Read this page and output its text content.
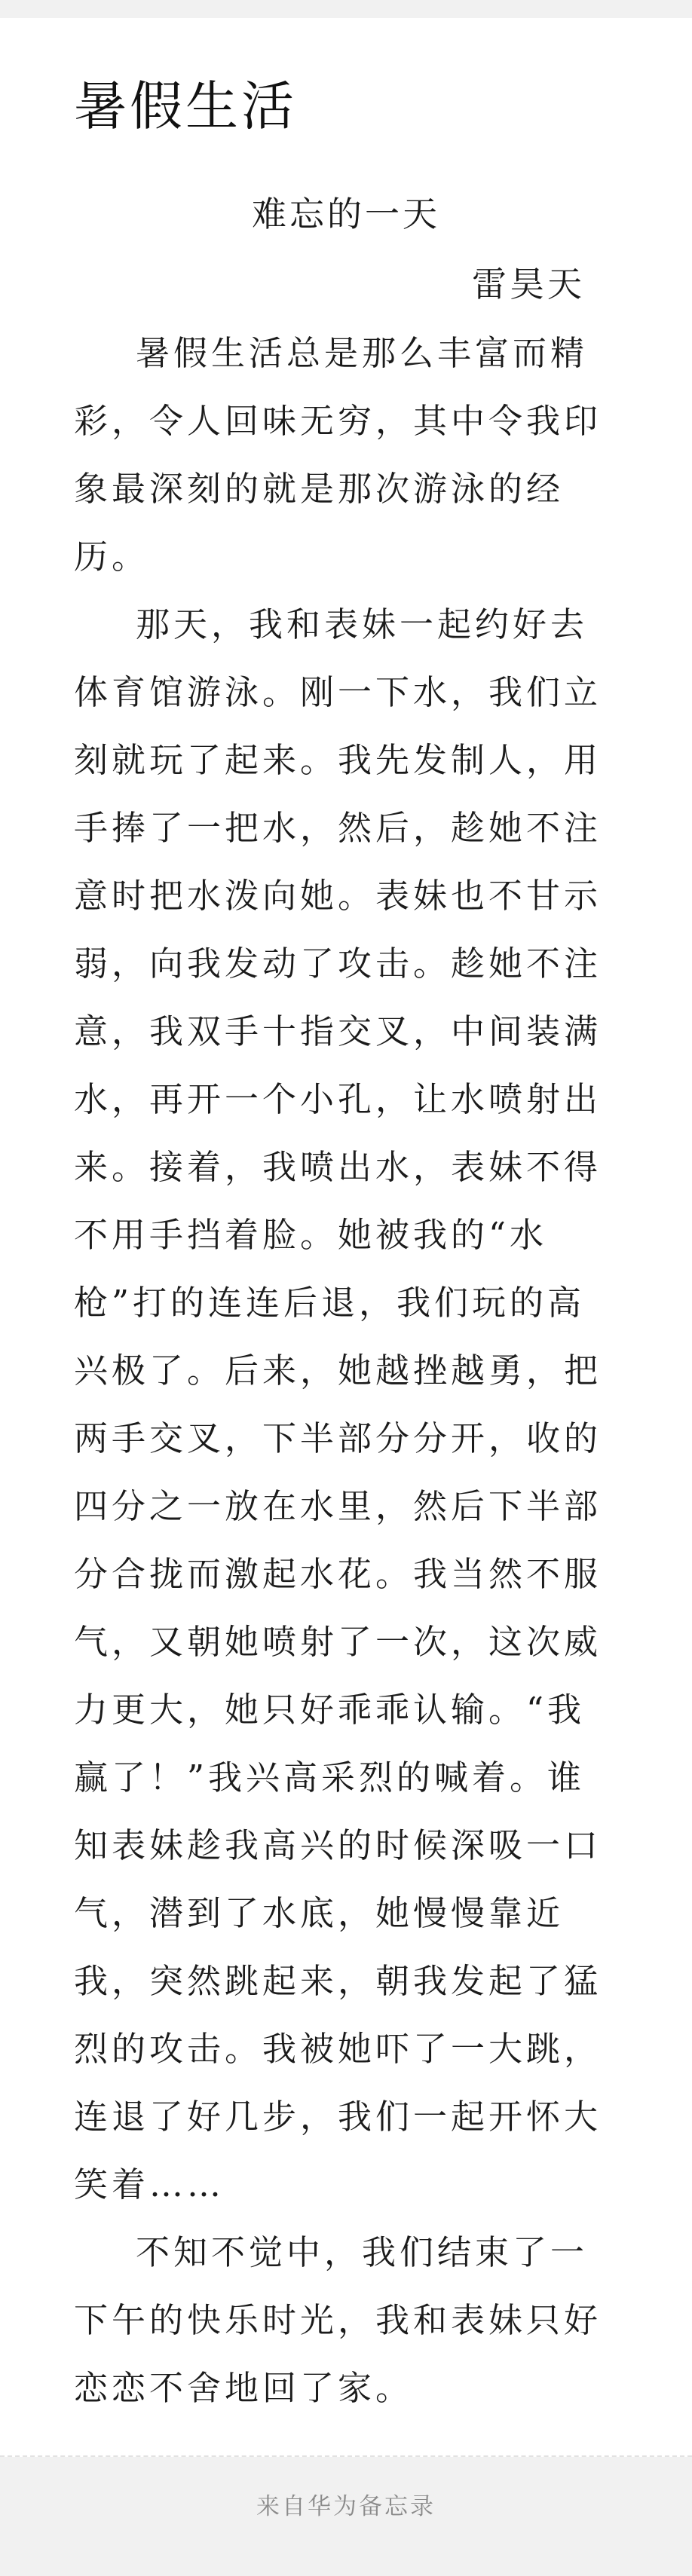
暑假生活
难忘的一天
雷昊天

暑假生活总是那么丰富而精彩，令人回味无穷，其中令我印象最深刻的就是那次游泳的经历。

那天，我和表妹一起约好去体育馆游泳。刚一下水，我们立刻就玩了起来。我先发制人，用手捧了一把水，然后，趁她不注意时把水泼向她。表妹也不甘示弱，向我发动了攻击。趁她不注意，我双手十指交叉，中间装满水，再开一个小孔，让水喷射出来。接着，我喷出水，表妹不得不用手挡着脸。她被我的“水枪”打的连连后退，我们玩的高兴极了。后来，她越挫越勇，把两手交叉，下半部分分开，收的四分之一放在水里，然后下半部分合拢而激起水花。我当然不服气，又朝她喷射了一次，这次威力更大，她只好乖乖认输。“我赢了！”我兴高采烈的喊着。谁知表妹趁我高兴的时候深吸一口气，潜到了水底，她慢慢靠近我，突然跳起来，朝我发起了猛烈的攻击。我被她吓了一大跳，连退了好几步，我们一起开怀大笑着……

不知不觉中，我们结束了一下午的快乐时光，我和表妹只好恋恋不舍地回了家。

来自华为备忘录
